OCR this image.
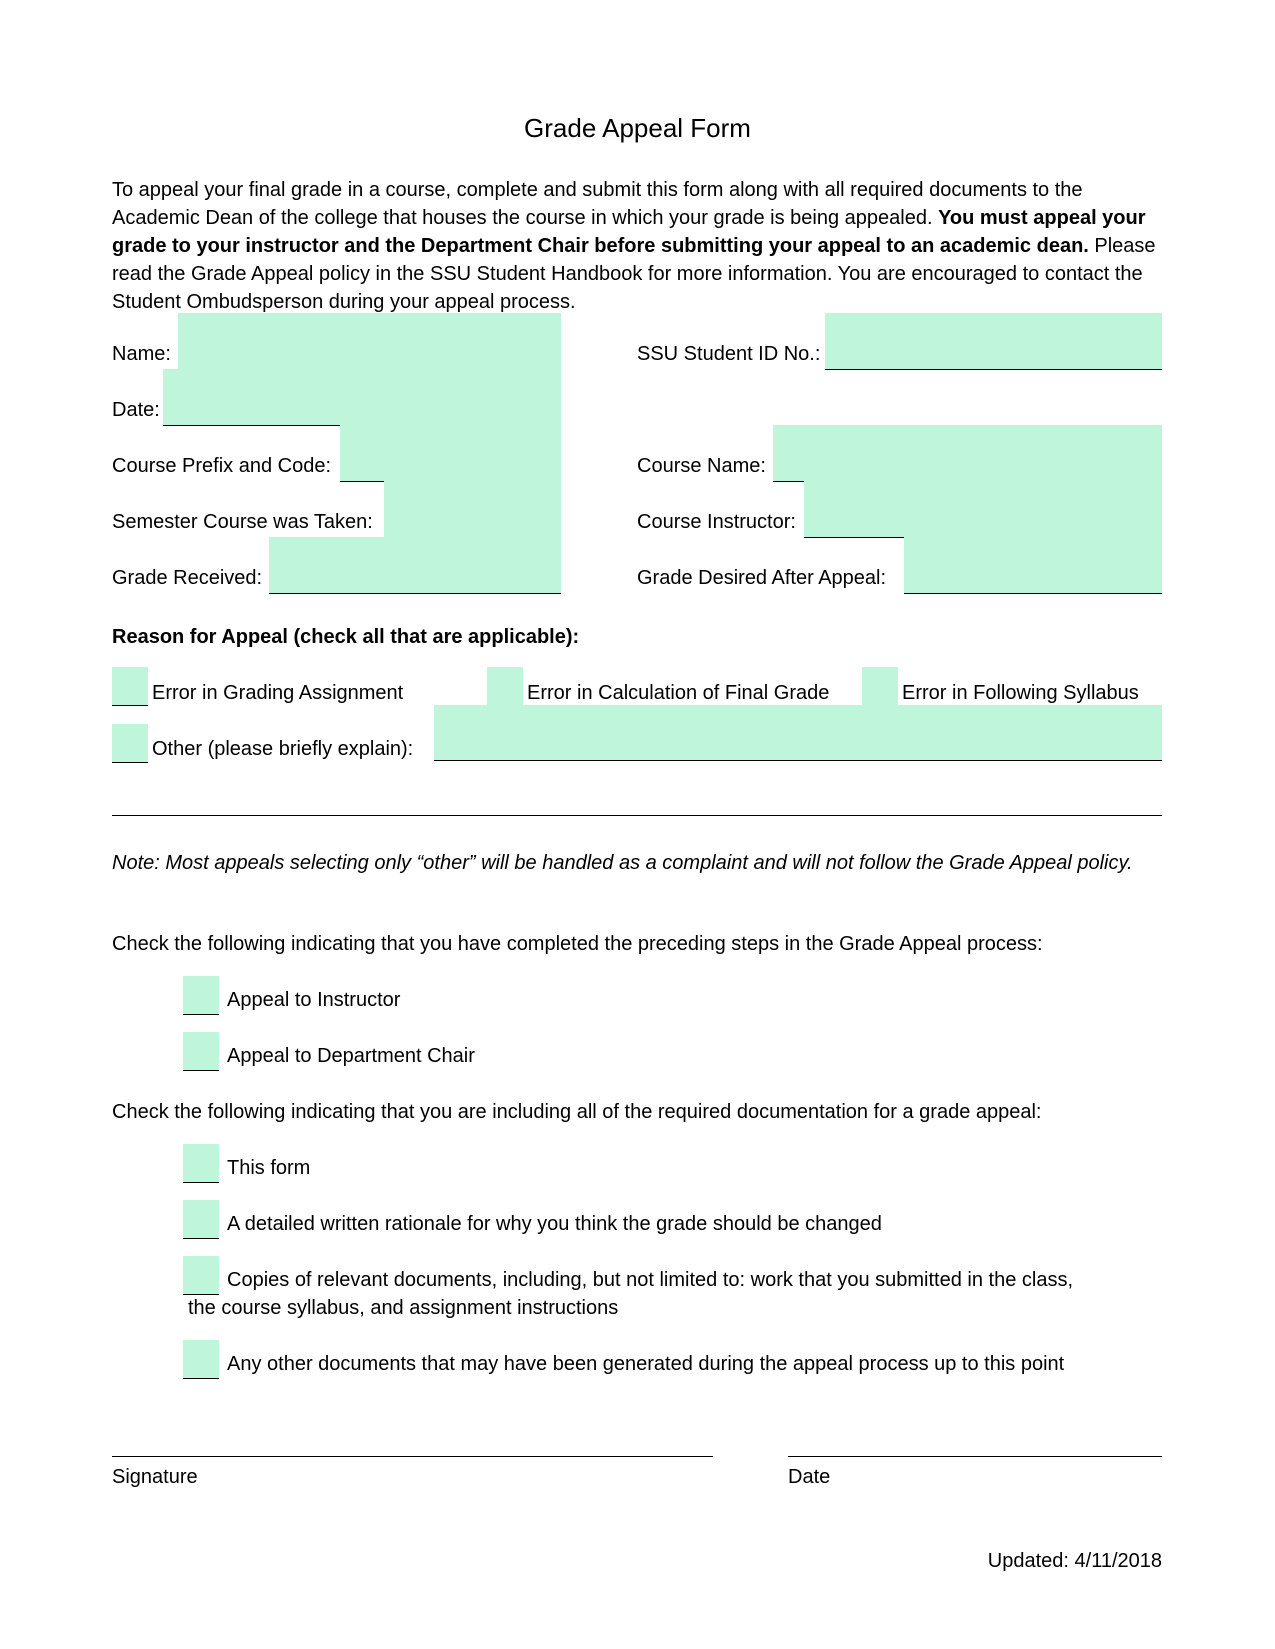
Grade Appeal Form
To appeal your final grade in a course, complete and submit this form along with all required documents to the Academic Dean of the college that houses the course in which your grade is being appealed. You must appeal your grade to your instructor and the Department Chair before submitting your appeal to an academic dean. Please read the Grade Appeal policy in the SSU Student Handbook for more information. You are encouraged to contact the Student Ombudsperson during your appeal process.
Name:	SSU Student ID No.:
Date:
Course Prefix and Code:	Course Name:
Semester Course was Taken:	Course Instructor:
Grade Received:	Grade Desired After Appeal:
Reason for Appeal (check all that are applicable):
Error in Grading Assignment	Error in Calculation of Final Grade	Error in Following Syllabus
Other (please briefly explain):
Note: Most appeals selecting only “other” will be handled as a complaint and will not follow the Grade Appeal policy.
Check the following indicating that you have completed the preceding steps in the Grade Appeal process:
Appeal to Instructor
Appeal to Department Chair
Check the following indicating that you are including all of the required documentation for a grade appeal:
This form
A detailed written rationale for why you think the grade should be changed
Copies of relevant documents, including, but not limited to: work that you submitted in the class,
the course syllabus, and assignment instructions
Any other documents that may have been generated during the appeal process up to this point
Signature	Date
Updated: 4/11/2018
